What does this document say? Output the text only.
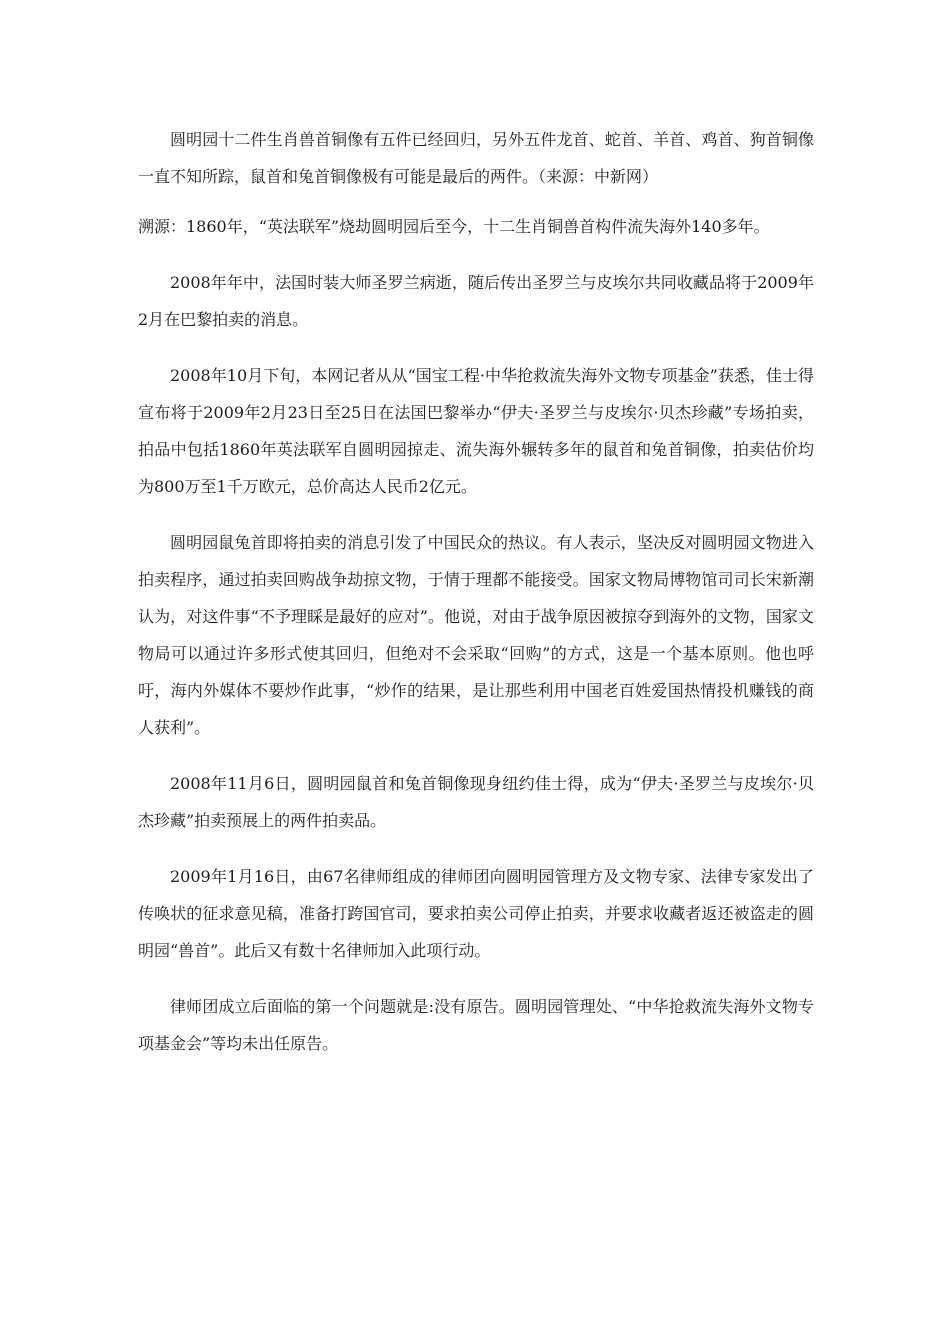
圆明园十二件生肖兽首铜像有五件已经回归，另外五件龙首、蛇首、羊首、鸡首、狗首铜像一直不知所踪，鼠首和兔首铜像极有可能是最后的两件。（来源：中新网）

溯源：1860年，“英法联军”烧劫圆明园后至今，十二生肖铜兽首构件流失海外140多年。

2008年年中，法国时装大师圣罗兰病逝，随后传出圣罗兰与皮埃尔共同收藏品将于2009年2月在巴黎拍卖的消息。

2008年10月下旬，本网记者从从“国宝工程·中华抢救流失海外文物专项基金”获悉，佳士得宣布将于2009年2月23日至25日在法国巴黎举办“伊夫·圣罗兰与皮埃尔·贝杰珍藏”专场拍卖，拍品中包括1860年英法联军自圆明园掠走、流失海外辗转多年的鼠首和兔首铜像，拍卖估价均为800万至1千万欧元，总价高达人民币2亿元。

圆明园鼠兔首即将拍卖的消息引发了中国民众的热议。有人表示，坚决反对圆明园文物进入拍卖程序，通过拍卖回购战争劫掠文物，于情于理都不能接受。国家文物局博物馆司司长宋新潮认为，对这件事“不予理睬是最好的应对”。他说，对由于战争原因被掠夺到海外的文物，国家文物局可以通过许多形式使其回归，但绝对不会采取“回购”的方式，这是一个基本原则。他也呼吁，海内外媒体不要炒作此事，“炒作的结果，是让那些利用中国老百姓爱国热情投机赚钱的商人获利”。

2008年11月6日，圆明园鼠首和兔首铜像现身纽约佳士得，成为“伊夫·圣罗兰与皮埃尔·贝杰珍藏”拍卖预展上的两件拍卖品。

2009年1月16日，由67名律师组成的律师团向圆明园管理方及文物专家、法律专家发出了传唤状的征求意见稿，准备打跨国官司，要求拍卖公司停止拍卖，并要求收藏者返还被盗走的圆明园“兽首”。此后又有数十名律师加入此项行动。

律师团成立后面临的第一个问题就是:没有原告。圆明园管理处、“中华抢救流失海外文物专项基金会”等均未出任原告。
